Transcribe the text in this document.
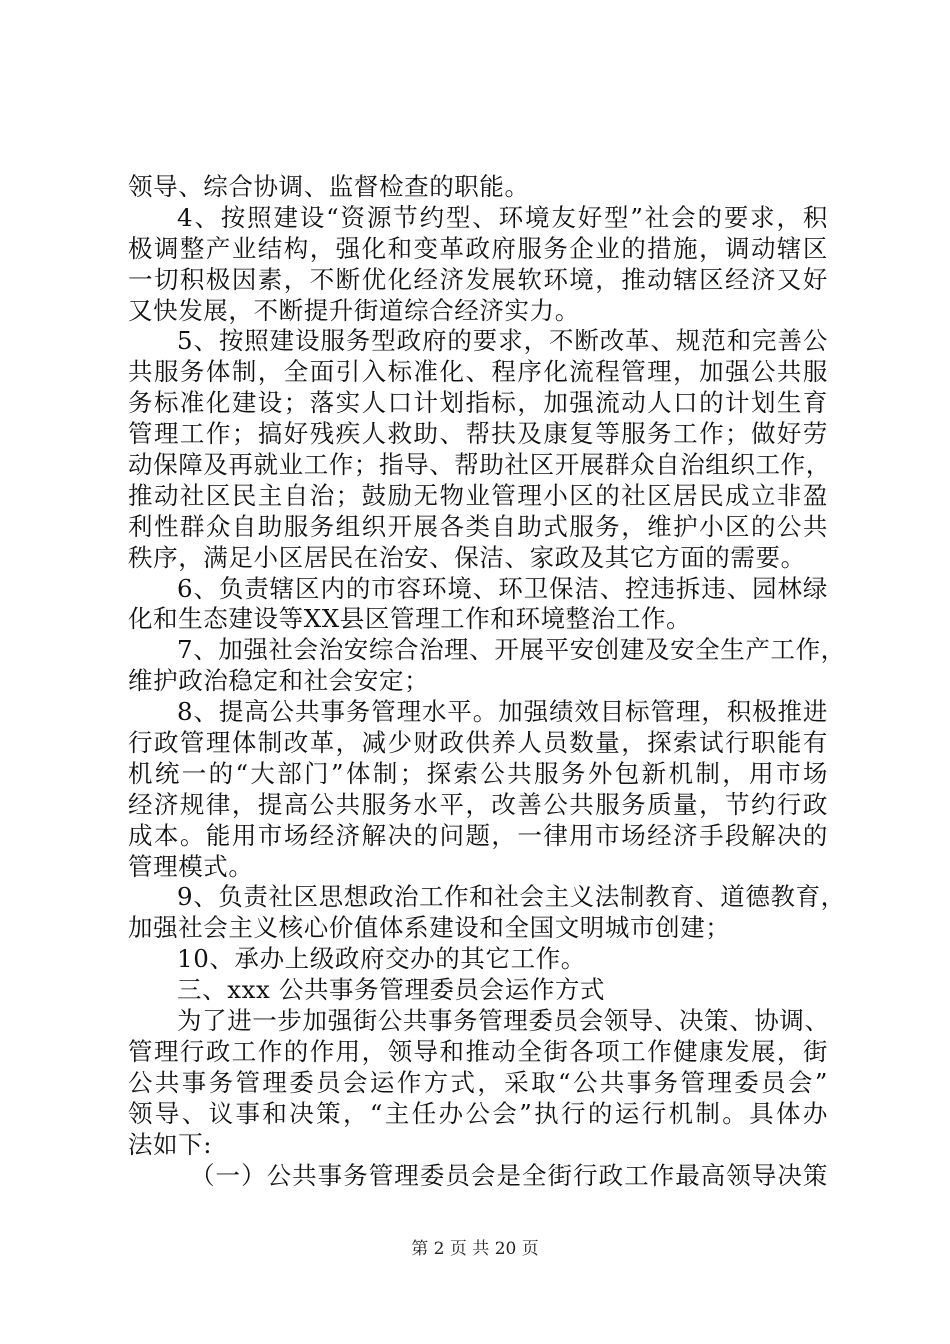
领导、综合协调、监督检查的职能。
4、按照建设“资源节约型、环境友好型”社会的要求，积
极调整产业结构，强化和变革政府服务企业的措施，调动辖区
一切积极因素，不断优化经济发展软环境，推动辖区经济又好
又快发展，不断提升街道综合经济实力。
5、按照建设服务型政府的要求，不断改革、规范和完善公
共服务体制，全面引入标准化、程序化流程管理，加强公共服
务标准化建设；落实人口计划指标，加强流动人口的计划生育
管理工作；搞好残疾人救助、帮扶及康复等服务工作；做好劳
动保障及再就业工作；指导、帮助社区开展群众自治组织工作，
推动社区民主自治；鼓励无物业管理小区的社区居民成立非盈
利性群众自助服务组织开展各类自助式服务，维护小区的公共
秩序，满足小区居民在治安、保洁、家政及其它方面的需要。
6、负责辖区内的市容环境、环卫保洁、控违拆违、园林绿
化和生态建设等XX县区管理工作和环境整治工作。
7、加强社会治安综合治理、开展平安创建及安全生产工作，
维护政治稳定和社会安定；
8、提高公共事务管理水平。加强绩效目标管理，积极推进
行政管理体制改革，减少财政供养人员数量，探索试行职能有
机统一的“大部门”体制；探索公共服务外包新机制，用市场
经济规律，提高公共服务水平，改善公共服务质量，节约行政
成本。能用市场经济解决的问题，一律用市场经济手段解决的
管理模式。
9、负责社区思想政治工作和社会主义法制教育、道德教育，
加强社会主义核心价值体系建设和全国文明城市创建；
10、承办上级政府交办的其它工作。
三、xxx 公共事务管理委员会运作方式
为了进一步加强街公共事务管理委员会领导、决策、协调、
管理行政工作的作用，领导和推动全街各项工作健康发展，街
公共事务管理委员会运作方式，采取“公共事务管理委员会”
领导、议事和决策，“主任办公会”执行的运行机制。具体办
法如下:
（一）公共事务管理委员会是全街行政工作最高领导决策
第 2 页 共 20 页
